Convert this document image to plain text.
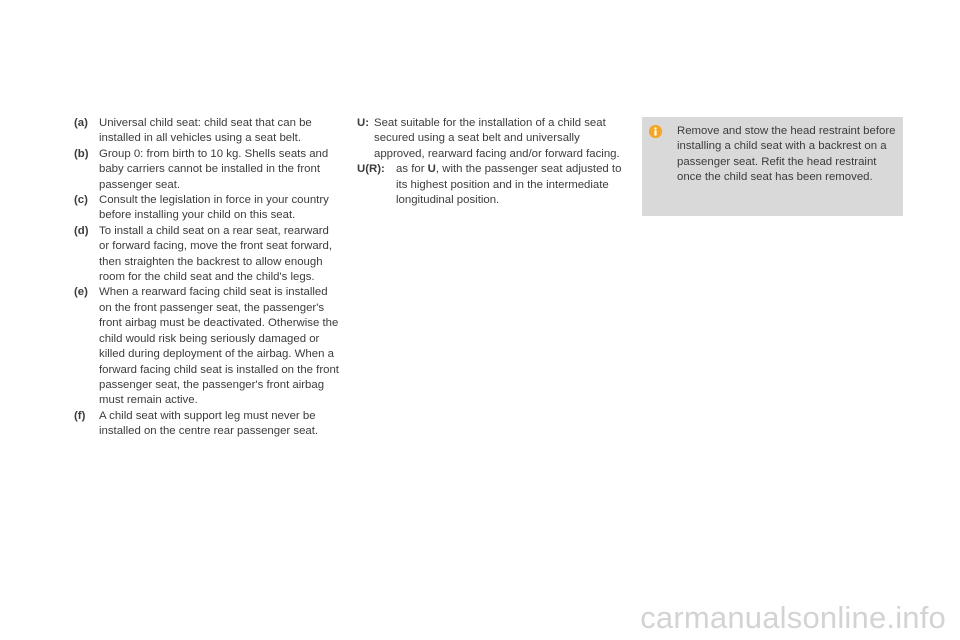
(a) Universal child seat: child seat that can be installed in all vehicles using a seat belt.
(b) Group 0: from birth to 10 kg. Shells seats and baby carriers cannot be installed in the front passenger seat.
(c) Consult the legislation in force in your country before installing your child on this seat.
(d) To install a child seat on a rear seat, rearward or forward facing, move the front seat forward, then straighten the backrest to allow enough room for the child seat and the child's legs.
(e) When a rearward facing child seat is installed on the front passenger seat, the passenger's front airbag must be deactivated. Otherwise the child would risk being seriously damaged or killed during deployment of the airbag. When a forward facing child seat is installed on the front passenger seat, the passenger's front airbag must remain active.
(f)	A child seat with support leg must never be installed on the centre rear passenger seat.
U: Seat suitable for the installation of a child seat secured using a seat belt and universally approved, rearward facing and/or forward facing.
U(R): as for U, with the passenger seat adjusted to its highest position and in the intermediate longitudinal position.
Remove and stow the head restraint before installing a child seat with a backrest on a passenger seat. Refit the head restraint once the child seat has been removed.
carmanualsonline.info
